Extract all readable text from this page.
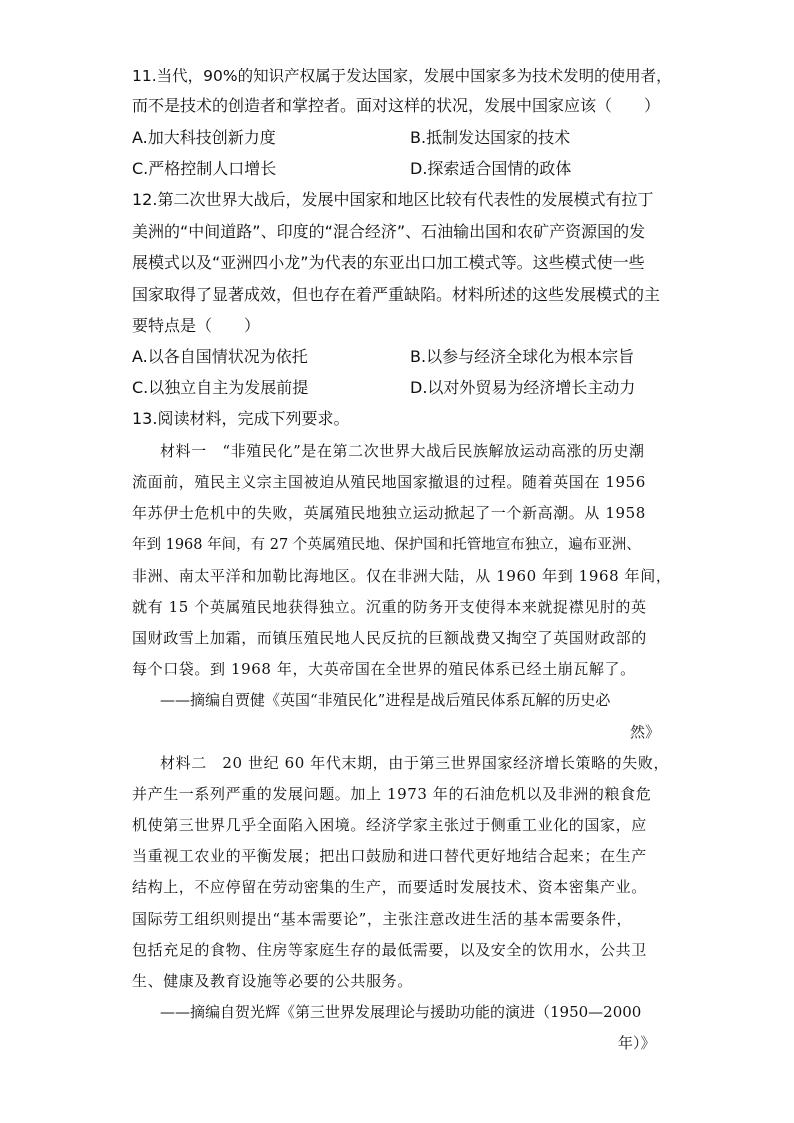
11.当代，90%的知识产权属于发达国家，发展中国家多为技术发明的使用者，
而不是技术的创造者和掌控者。面对这样的状况，发展中国家应该（　　）
A.加大科技创新力度	B.抵制发达国家的技术
C.严格控制人口增长	D.探索适合国情的政体
12.第二次世界大战后，发展中国家和地区比较有代表性的发展模式有拉丁
美洲的“中间道路”、印度的“混合经济”、石油输出国和农矿产资源国的发
展模式以及“亚洲四小龙”为代表的东亚出口加工模式等。这些模式使一些
国家取得了显著成效，但也存在着严重缺陷。材料所述的这些发展模式的主
要特点是（　　）
A.以各自国情状况为依托	B.以参与经济全球化为根本宗旨
C.以独立自主为发展前提	D.以对外贸易为经济增长主动力
13.阅读材料，完成下列要求。
材料一　“非殖民化”是在第二次世界大战后民族解放运动高涨的历史潮
流面前，殖民主义宗主国被迫从殖民地国家撤退的过程。随着英国在 1956
年苏伊士危机中的失败，英属殖民地独立运动掀起了一个新高潮。从 1958
年到 1968 年间，有 27 个英属殖民地、保护国和托管地宣布独立，遍布亚洲、
非洲、南太平洋和加勒比海地区。仅在非洲大陆，从 1960 年到 1968 年间，
就有 15 个英属殖民地获得独立。沉重的防务开支使得本来就捉襟见肘的英
国财政雪上加霜，而镇压殖民地人民反抗的巨额战费又掏空了英国财政部的
每个口袋。到 1968 年，大英帝国在全世界的殖民体系已经土崩瓦解了。
——摘编自贾健《英国“非殖民化”进程是战后殖民体系瓦解的历史必
然》
材料二　20 世纪 60 年代末期，由于第三世界国家经济增长策略的失败，
并产生一系列严重的发展问题。加上 1973 年的石油危机以及非洲的粮食危
机使第三世界几乎全面陷入困境。经济学家主张过于侧重工业化的国家，应
当重视工农业的平衡发展；把出口鼓励和进口替代更好地结合起来；在生产
结构上，不应停留在劳动密集的生产，而要适时发展技术、资本密集产业。
国际劳工组织则提出“基本需要论”，主张注意改进生活的基本需要条件，
包括充足的食物、住房等家庭生存的最低需要，以及安全的饮用水，公共卫
生、健康及教育设施等必要的公共服务。
——摘编自贺光辉《第三世界发展理论与援助功能的演进（1950—2000
年）》
